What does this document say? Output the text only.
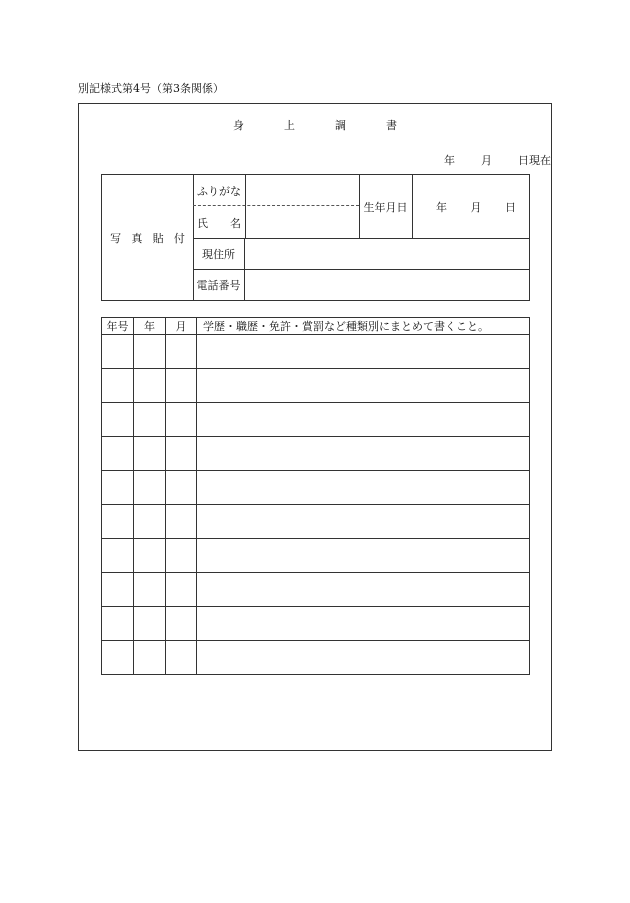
別記様式第4号（第3条関係）
身	上	調	書
年 月 日現在
写 真 貼 付
ふりがな
氏 名
生年月日	年 月 日
現住所
電話番号
年号	年	月	学歴・職歴・免許・賞罰など種類別にまとめて書くこと。
